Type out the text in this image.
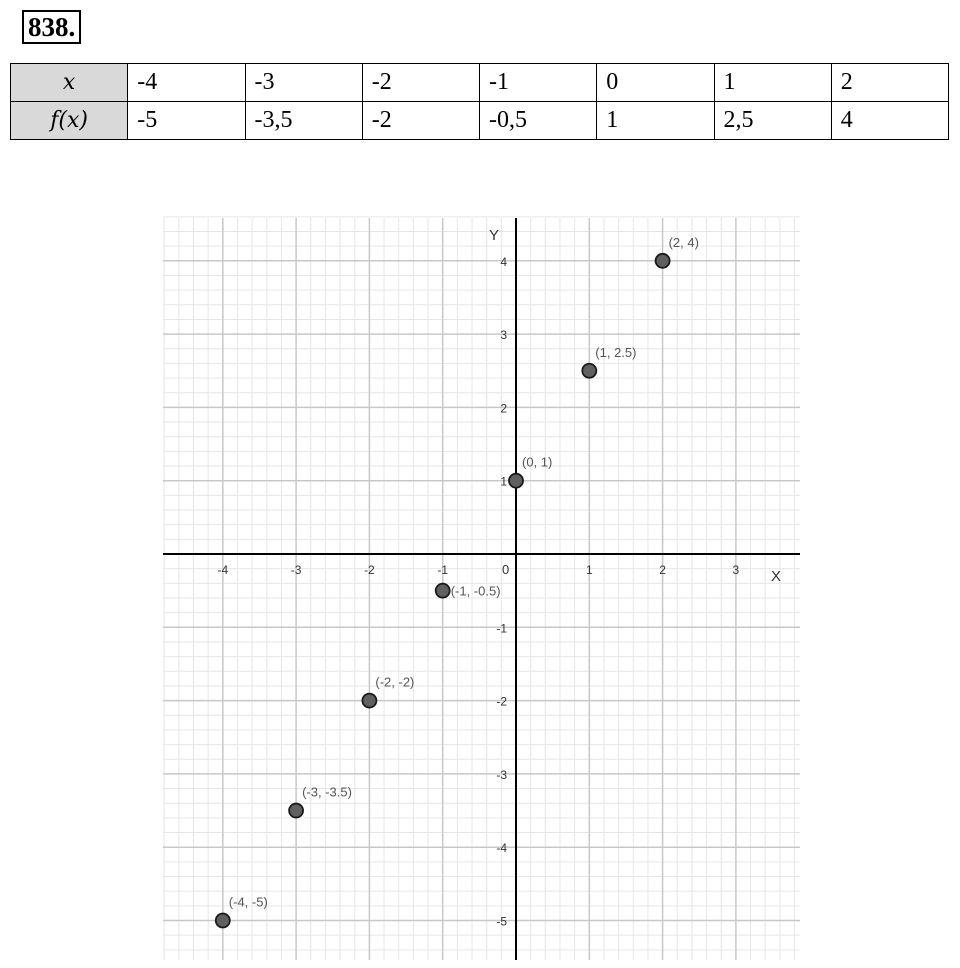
838.
x	-4	-3	-2	-1	0	1	2
f(x)	-5	-3,5	-2	-0,5	1	2,5	4
X
Y
0
-4	-3	-2	-1	1	2	3
-5
-4
-3
-2
-1
1
2
3
4
(-4, -5)
(-3, -3.5)
(-2, -2)
(-1, -0.5)
(0, 1)
(1, 2.5)
(2, 4)
